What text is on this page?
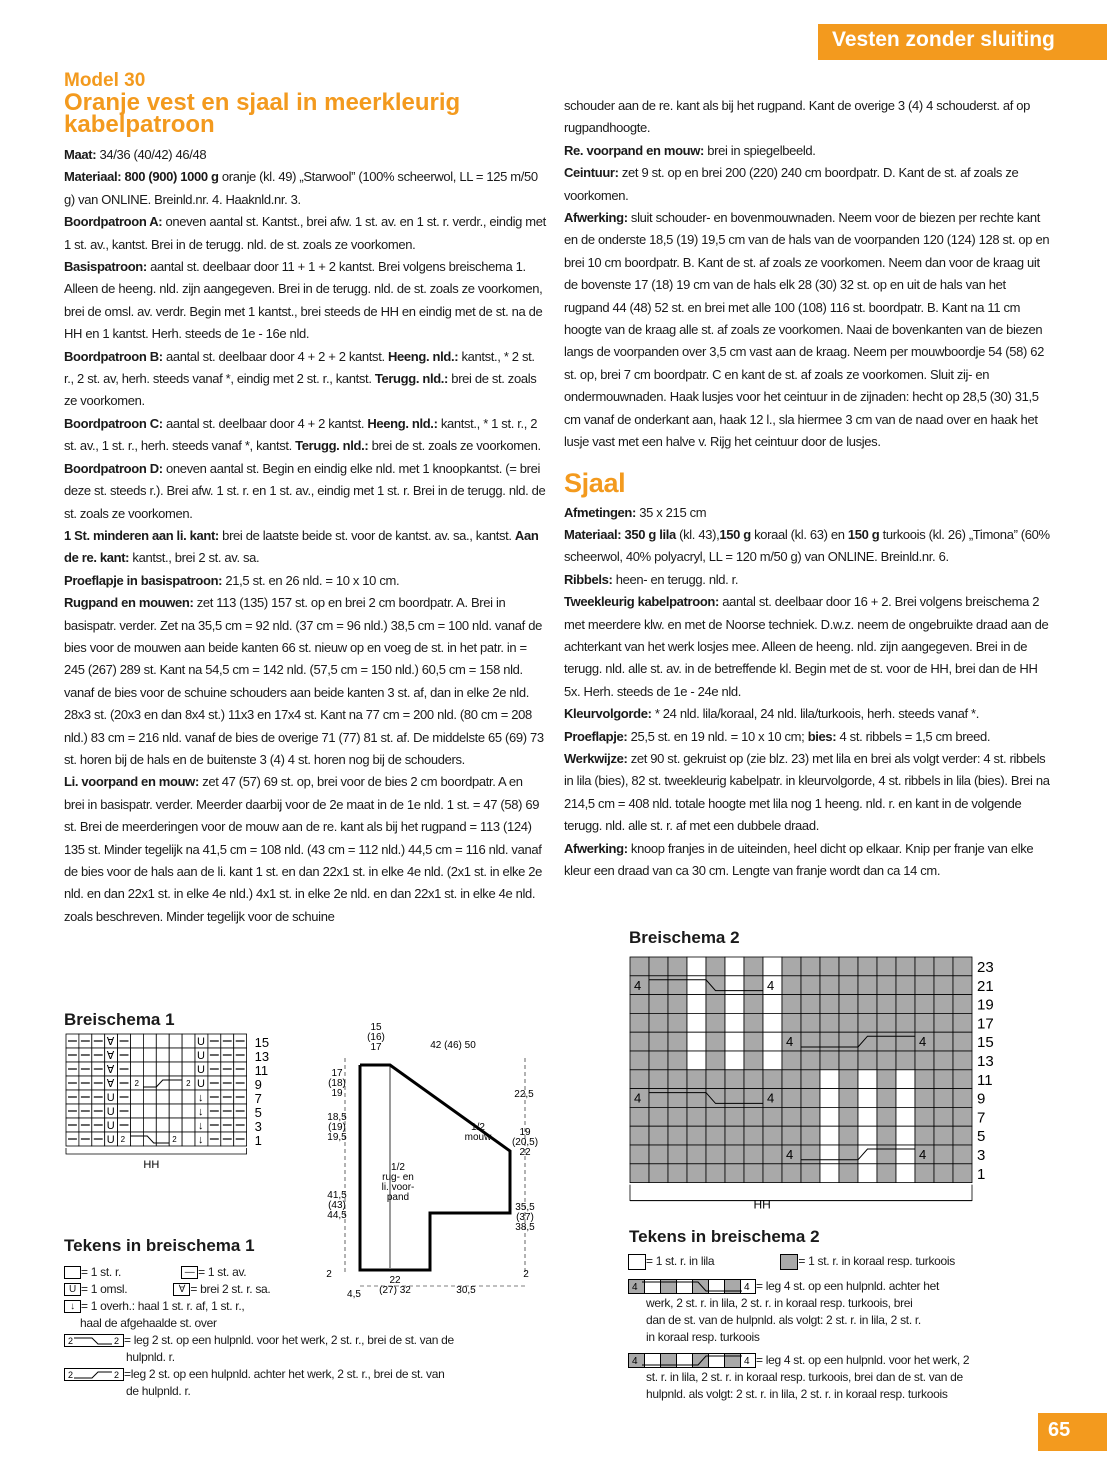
Vesten zonder sluiting
Model 30
Oranje vest en sjaal in meerkleurig kabelpatroon

Maat: 34/36 (40/42) 46/48

Materiaal: 800 (900) 1000 g oranje (kl. 49) „Starwool” (100% scheerwol, LL = 125 m/50 g) van ONLINE. Breinld.nr. 4. Haaknld.nr. 3.

Boordpatroon A: oneven aantal st. Kantst., brei afw. 1 st. av. en 1 st. r. verdr., eindig met 1 st. av., kantst. Brei in de terugg. nld. de st. zoals ze voorkomen.

Basispatroon: aantal st. deelbaar door 11 + 1 + 2 kantst. Brei volgens breischema 1. Alleen de heeng. nld. zijn aangegeven. Brei in de terugg. nld. de st. zoals ze voorkomen, brei de omsl. av. verdr. Begin met 1 kantst., brei steeds de HH en eindig met de st. na de HH en 1 kantst. Herh. steeds de 1e - 16e nld.

Boordpatroon B: aantal st. deelbaar door 4 + 2 + 2 kantst. Heeng. nld.: kantst., * 2 st. r., 2 st. av, herh. steeds vanaf *, eindig met 2 st. r., kantst. Terugg. nld.: brei de st. zoals ze voorkomen.

Boordpatroon C: aantal st. deelbaar door 4 + 2 kantst. Heeng. nld.: kantst., * 1 st. r., 2 st. av., 1 st. r., herh. steeds vanaf *, kantst. Terugg. nld.: brei de st. zoals ze voorkomen.

Boordpatroon D: oneven aantal st. Begin en eindig elke nld. met 1 knoopkantst. (= brei deze st. steeds r.). Brei afw. 1 st. r. en 1 st. av., eindig met 1 st. r. Brei in de terugg. nld. de st. zoals ze voorkomen.

1 St. minderen aan li. kant: brei de laatste beide st. voor de kantst. av. sa., kantst. Aan de re. kant: kantst., brei 2 st. av. sa.

Proeflapje in basispatroon: 21,5 st. en 26 nld. = 10 x 10 cm.

Rugpand en mouwen: zet 113 (135) 157 st. op en brei 2 cm boordpatr. A. Brei in basispatr. verder. Zet na 35,5 cm = 92 nld. (37 cm = 96 nld.) 38,5 cm = 100 nld. vanaf de bies voor de mouwen aan beide kanten 66 st. nieuw op en voeg de st. in het patr. in = 245 (267) 289 st. Kant na 54,5 cm = 142 nld. (57,5 cm = 150 nld.) 60,5 cm = 158 nld. vanaf de bies voor de schuine schouders aan beide kanten 3 st. af, dan in elke 2e nld. 28x3 st. (20x3 en dan 8x4 st.) 11x3 en 17x4 st. Kant na 77 cm = 200 nld. (80 cm = 208 nld.) 83 cm = 216 nld. vanaf de bies de overige 71 (77) 81 st. af. De middelste 65 (69) 73 st. horen bij de hals en de buitenste 3 (4) 4 st. horen nog bij de schouders.

Li. voorpand en mouw: zet 47 (57) 69 st. op, brei voor de bies 2 cm boordpatr. A en brei in basispatr. verder. Meerder daarbij voor de 2e maat in de 1e nld. 1 st. = 47 (58) 69 st. Brei de meerderingen voor de mouw aan de re. kant als bij het rugpand = 113 (124) 135 st. Minder tegelijk na 41,5 cm = 108 nld. (43 cm = 112 nld.) 44,5 cm = 116 nld. vanaf de bies voor de hals aan de li. kant 1 st. en dan 22x1 st. in elke 4e nld. (2x1 st. in elke 2e nld. en dan 22x1 st. in elke 4e nld.) 4x1 st. in elke 2e nld. en dan 22x1 st. in elke 4e nld. zoals beschreven. Minder tegelijk voor de schuine

schouder aan de re. kant als bij het rugpand. Kant de overige 3 (4) 4 schouderst. af op rugpandhoogte.

Re. voorpand en mouw: brei in spiegelbeeld.

Ceintuur: zet 9 st. op en brei 200 (220) 240 cm boordpatr. D. Kant de st. af zoals ze voorkomen.

Afwerking: sluit schouder- en bovenmouwnaden. Neem voor de biezen per rechte kant en de onderste 18,5 (19) 19,5 cm van de hals van de voorpanden 120 (124) 128 st. op en brei 10 cm boordpatr. B. Kant de st. af zoals ze voorkomen. Neem dan voor de kraag uit de bovenste 17 (18) 19 cm van de hals elk 28 (30) 32 st. op en uit de hals van het rugpand 44 (48) 52 st. en brei met alle 100 (108) 116 st. boordpatr. B. Kant na 11 cm hoogte van de kraag alle st. af zoals ze voorkomen. Naai de bovenkanten van de biezen langs de voorpanden over 3,5 cm vast aan de kraag. Neem per mouwboordje 54 (58) 62 st. op, brei 7 cm boordpatr. C en kant de st. af zoals ze voorkomen. Sluit zij- en ondermouwnaden. Haak lusjes voor het ceintuur in de zijnaden: hecht op 28,5 (30) 31,5 cm vanaf de onderkant aan, haak 12 l., sla hiermee 3 cm van de naad over en haak het lusje vast met een halve v. Rijg het ceintuur door de lusjes.

Sjaal

Afmetingen: 35 x 215 cm

Materiaal: 350 g lila (kl. 43),150 g koraal (kl. 63) en 150 g turkoois (kl. 26) „Timona” (60% scheerwol, 40% polyacryl, LL = 120 m/50 g) van ONLINE. Breinld.nr. 6.

Ribbels: heen- en terugg. nld. r.

Tweekleurig kabelpatroon: aantal st. deelbaar door 16 + 2. Brei volgens breischema 2 met meerdere klw. en met de Noorse techniek. D.w.z. neem de ongebruikte draad aan de achterkant van het werk losjes mee. Alleen de heeng. nld. zijn aangegeven. Brei in de terugg. nld. alle st. av. in de betreffende kl. Begin met de st. voor de HH, brei dan de HH 5x. Herh. steeds de 1e - 24e nld.

Kleurvolgorde: * 24 nld. lila/koraal, 24 nld. lila/turkoois, herh. steeds vanaf *.

Proeflapje: 25,5 st. en 19 nld. = 10 x 10 cm; bies: 4 st. ribbels = 1,5 cm breed.

Werkwijze: zet 90 st. gekruist op (zie blz. 23) met lila en brei als volgt verder: 4 st. ribbels in lila (bies), 82 st. tweekleurig kabelpatr. in kleurvolgorde, 4 st. ribbels in lila (bies). Brei na 214,5 cm = 408 nld. totale hoogte met lila nog 1 heeng. nld. r. en kant in de volgende terugg. nld. alle st. r. af met een dubbele draad.

Afwerking: knoop franjes in de uiteinden, heel dicht op elkaar. Knip per franje van elke kleur een draad van ca 30 cm. Lengte van franje wordt dan ca 14 cm.

Breischema 1
∀	U
∀	U
∀	U
∀	U
U	↓
U	↓
U	↓
U	↓
2	2
2	2
15
13
11
9
7
5
3
1
HH
Tekens in breischema 1
= 1 st. r.	— = 1 st. av.
U = 1 omsl.	∀ = brei 2 st. r. sa.
↓ = 1 overh.: haal 1 st. r. af, 1 st. r.,
haal de afgehaalde st. over
2	2 = leg 2 st. op een hulpnld. voor het werk, 2 st. r., brei de st. van de
hulpnld. r.
2	2 =leg 2 st. op een hulpnld. achter het werk, 2 st. r., brei de st. van
de hulpnld. r.
15 (16) 17	42 (46) 50
17 (18) 19
18,5 (19) 19,5
22,5
19 (20,5) 22
1/2 mouw
1/2 rug- en li. voor-pand
41,5 (43) 44,5
35,5 (37) 38,5
2	2
4,5
22 (27) 32	30,5
Breischema 2
4	4
4	4
4	4
4	4
23
21
19
17
15
13
11
9
7
5
3
1
HH
Tekens in breischema 2
= 1 st. r. in lila	= 1 st. r. in koraal resp. turkoois
4	4 = leg 4 st. op een hulpnld. achter het
werk, 2 st. r. in lila, 2 st. r. in koraal resp. turkoois, brei
dan de st. van de hulpnld. als volgt: 2 st. r. in lila, 2 st. r.
in koraal resp. turkoois
4	4 = leg 4 st. op een hulpnld. voor het werk, 2
st. r. in lila, 2 st. r. in koraal resp. turkoois, brei dan de st. van de
hulpnld. als volgt: 2 st. r. in lila, 2 st. r. in koraal resp. turkoois
65
